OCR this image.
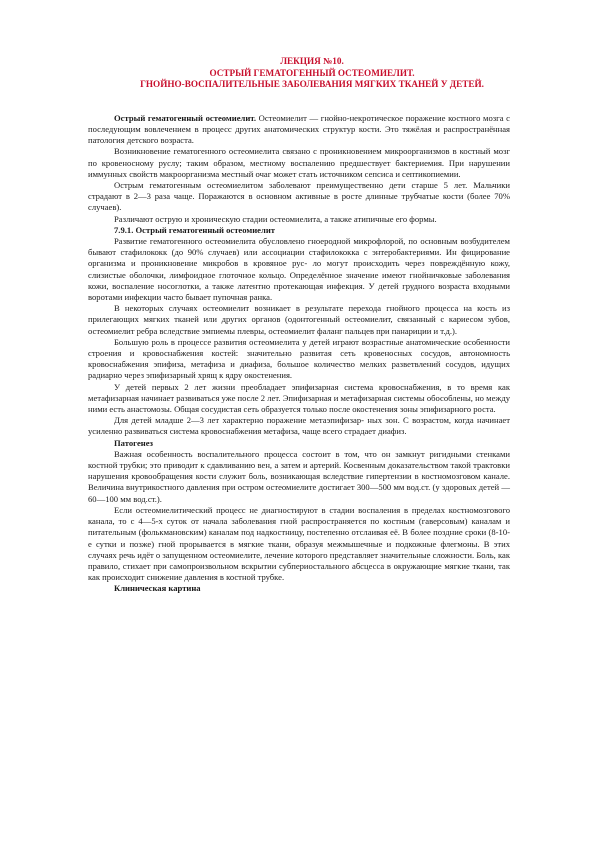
ЛЕКЦИЯ №10.

ОСТРЫЙ ГЕМАТОГЕННЫЙ ОСТЕОМИЕЛИТ.

ГНОЙНО-ВОСПАЛИТЕЛЬНЫЕ ЗАБОЛЕВАНИЯ МЯГКИХ ТКАНЕЙ У ДЕТЕЙ.

Острый гематогенный остеомиелит. Остеомиелит — гнойно-некротическое поражение костного мозга с последующим вовлечением в процесс других анатомических структур кости. Это тяжёлая и распространённая патология детского возраста.

Возникновение гематогенного остеомиелита связано с проникновением микроорганизмов в костный мозг по кровеносному руслу; таким образом, местному воспалению предшествует бактериемия. При нарушении иммунных свойств макроорганизма местный очаг может стать источником сепсиса и септикопиемии.

Острым гематогенным остеомиелитом заболевают преимущественно дети старше 5 лет. Мальчики страдают в 2—3 раза чаще. Поражаются в основном активные в росте длинные трубчатые кости (более 70% случаев).

Различают острую и хроническую стадии остеомиелита, а также атипичные его формы.

7.9.1. Острый гематогенный остеомиелит

Развитие гематогенного остеомиелита обусловлено гноеродной микрофлорой, по основным возбудителем бывают стафилококк (до 90% случаев) или ассоциации стафилококка с энтеробактериями. Ин фицирование организма и проникновение микробов в кровяное рус- ло могут происходить через повреждённую кожу, слизистые оболочки, лимфоидное глоточное кольцо. Определённое значение имеют гнойничковые заболевания кожи, воспаление носоглотки, а также латентно протекающая инфекция. У детей грудного возраста входными воротами инфекции часто бывает пупочная ранка.

В некоторых случаях остеомиелит возникает в результате перехода гнойного процесса на кость из прилегающих мягких тканей или других органов (одонтогенный остеомиелит, связанный с кариесом зубов, остеомиелит ребра вследствие эмпиемы плевры, остеомиелит фаланг пальцев при панариции и т.д.).

Большую роль в процессе развития остеомиелита у детей играют возрастные анатомические особенности строения и кровоснабжения костей: значительно развитая сеть кровеносных сосудов, автономность кровоснабжения эпифиза, метафиза и диафиза, большое количество мелких разветвлений сосудов, идущих радиарно через эпифизарный хрящ к ядру окостенения.

У детей первых 2 лет жизни преобладает эпифизарная система кровоснабжения, в то время как метафизарная начинает развиваться уже после 2 лет. Эпифизарная и метафизарная системы обособлены, но между ними есть анастомозы. Общая сосудистая сеть образуется только после окостенения зоны эпифизарного роста.

Для детей младше 2—3 лет характерно поражение метаэпифизар- ных зон. С возрастом, когда начинает усиленно развиваться система кровоснабжения метафиза, чаще всего страдает диафиз.

Патогенез

Важная особенность воспалительного процесса состоит в том, что он замкнут ригидными стенками костной трубки; это приводит к сдавливанию вен, а затем и артерий. Косвенным доказательством такой трактовки нарушения кровообращения кости служит боль, возникающая вследствие гипертензии в костномозговом канале. Величина внутрикостного давления при остром остеомиелите достигает 300—500 мм вод.ст. (у здоровых детей — 60—100 мм вод.ст.).

Если остеомиелитический процесс не диагностируют в стадии воспаления в пределах костномозгового канала, то с 4—5-х суток от начала заболевания гной распространяется по костным (гаверсовым) каналам и питательным (фолькмановским) каналам под надкостницу, постепенно отслаивая её. В более поздние сроки (8-10-е сутки и позже) гной прорывается в мягкие ткани, образуя межмышечные и подкожные флегмоны. В этих случаях речь идёт о запущенном остеомиелите, лечение которого представляет значительные сложности. Боль, как правило, стихает при самопроизвольном вскрытии субпериостального абсцесса в окружающие мягкие ткани, так как происходит снижение давления в костной трубке.

Клиническая картина
